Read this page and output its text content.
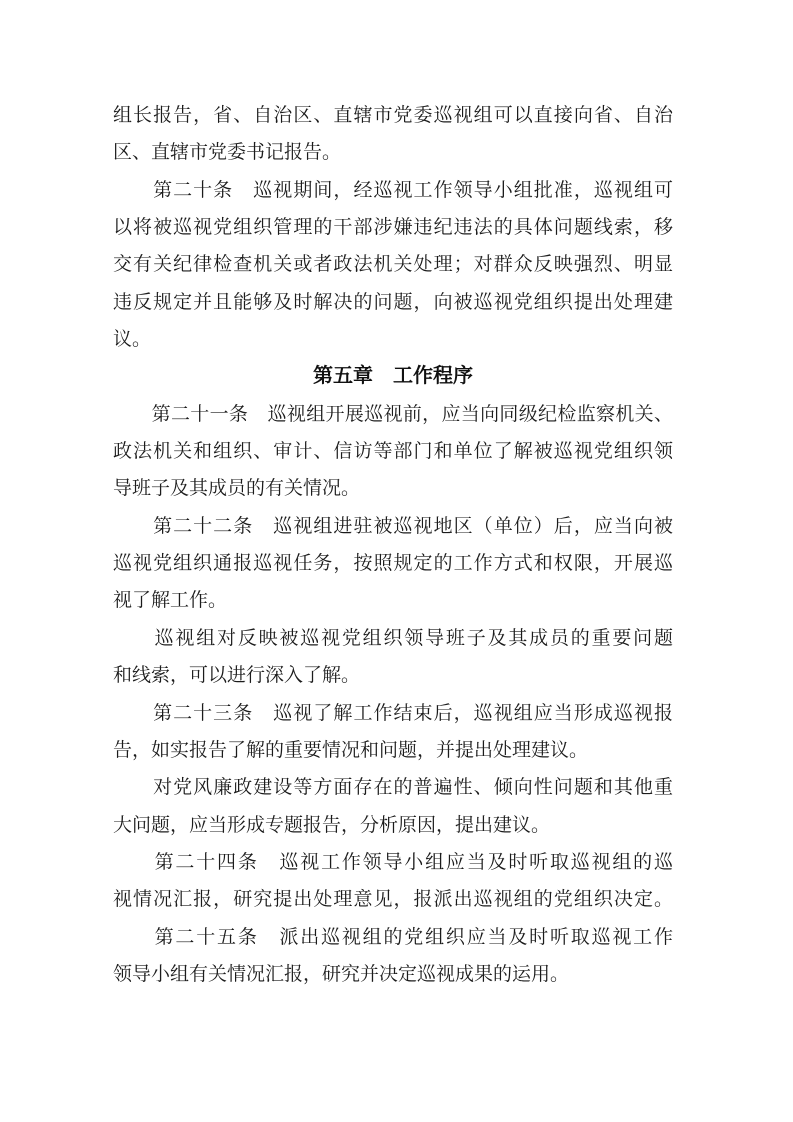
组长报告，省、自治区、直辖市党委巡视组可以直接向省、自治
区、直辖市党委书记报告。
　　第二十条　巡视期间，经巡视工作领导小组批准，巡视组可
以将被巡视党组织管理的干部涉嫌违纪违法的具体问题线索，移
交有关纪律检查机关或者政法机关处理；对群众反映强烈、明显
违反规定并且能够及时解决的问题，向被巡视党组织提出处理建
议。
第五章　工作程序
　　第二十一条　巡视组开展巡视前，应当向同级纪检监察机关、
政法机关和组织、审计、信访等部门和单位了解被巡视党组织领
导班子及其成员的有关情况。
　　第二十二条　巡视组进驻被巡视地区（单位）后，应当向被
巡视党组织通报巡视任务，按照规定的工作方式和权限，开展巡
视了解工作。
　　巡视组对反映被巡视党组织领导班子及其成员的重要问题
和线索，可以进行深入了解。
　　第二十三条　巡视了解工作结束后，巡视组应当形成巡视报
告，如实报告了解的重要情况和问题，并提出处理建议。
　　对党风廉政建设等方面存在的普遍性、倾向性问题和其他重
大问题，应当形成专题报告，分析原因，提出建议。
　　第二十四条　巡视工作领导小组应当及时听取巡视组的巡
视情况汇报，研究提出处理意见，报派出巡视组的党组织决定。
　　第二十五条　派出巡视组的党组织应当及时听取巡视工作
领导小组有关情况汇报，研究并决定巡视成果的运用。
